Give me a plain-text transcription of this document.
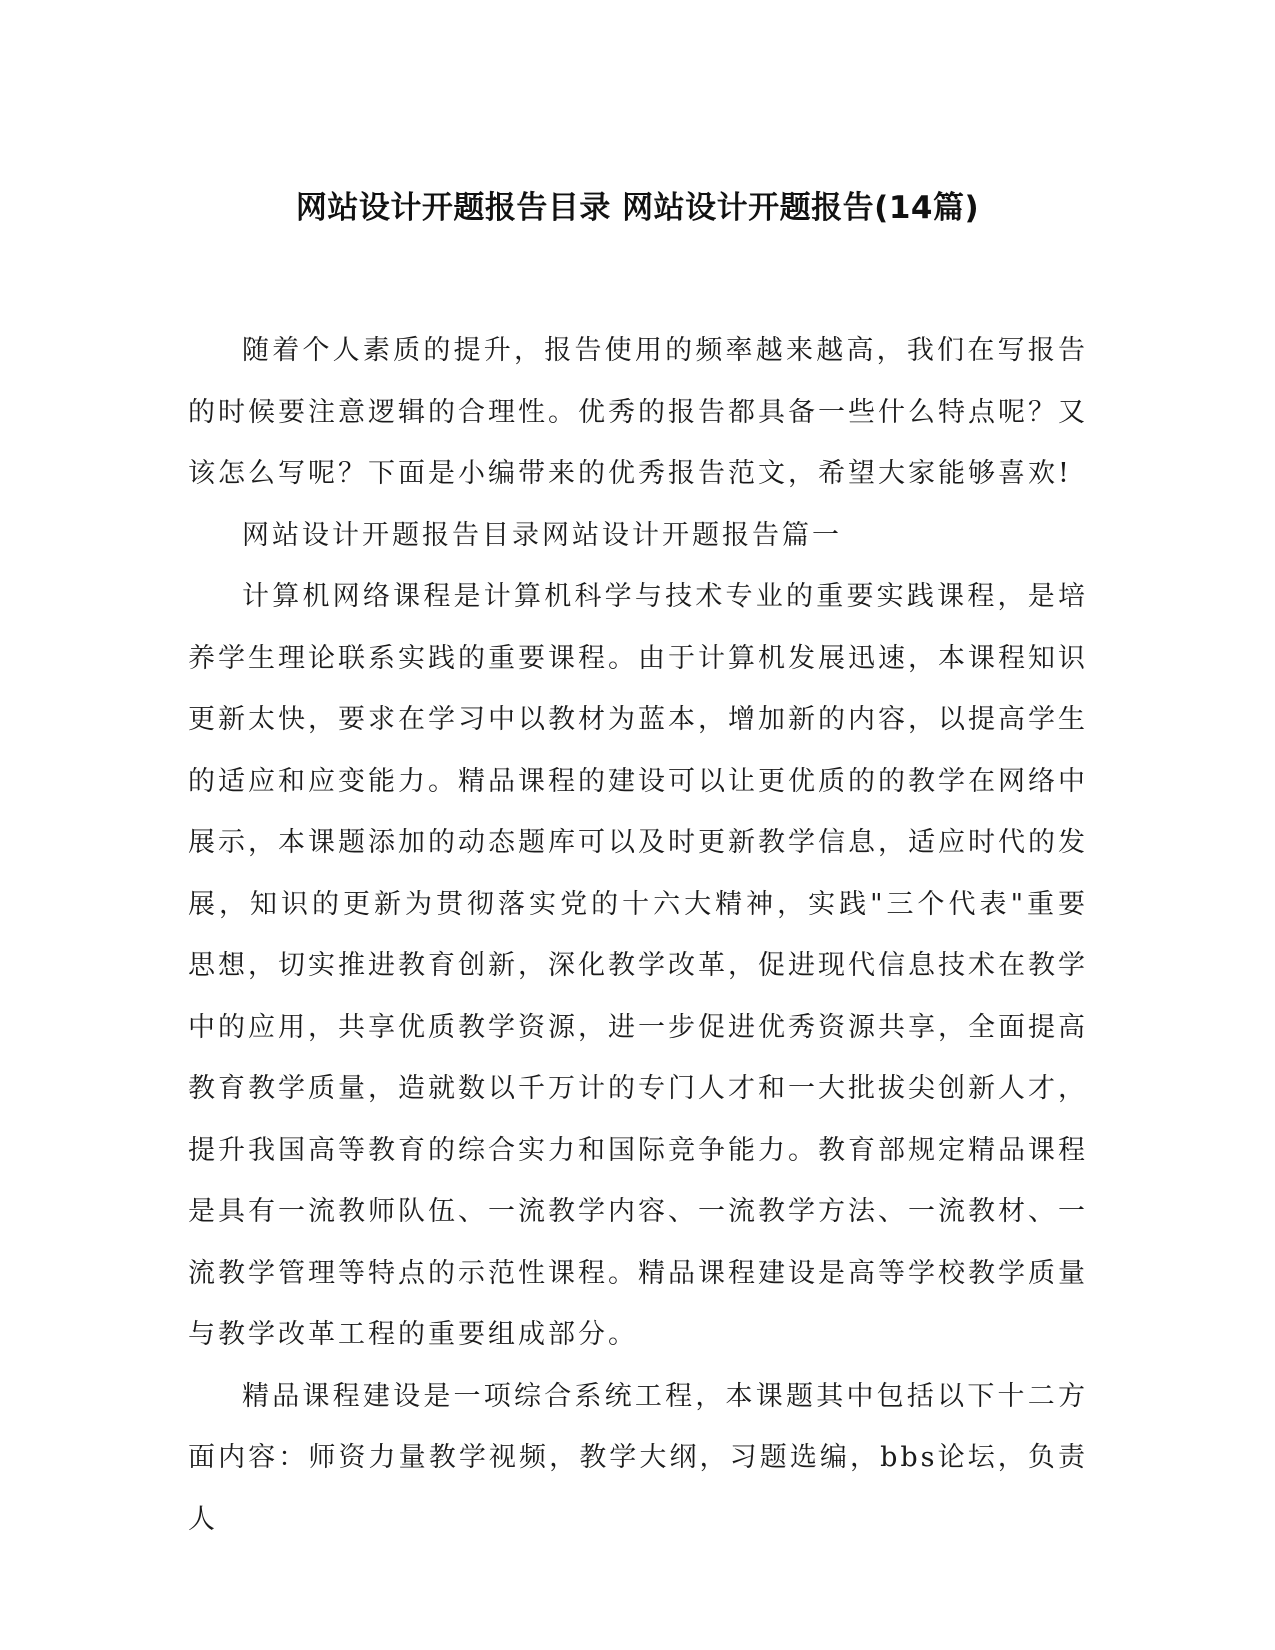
网站设计开题报告目录 网站设计开题报告(14篇)

随着个人素质的提升，报告使用的频率越来越高，我们在写报告的时候要注意逻辑的合理性。优秀的报告都具备一些什么特点呢？又该怎么写呢？下面是小编带来的优秀报告范文，希望大家能够喜欢!

网站设计开题报告目录网站设计开题报告篇一

计算机网络课程是计算机科学与技术专业的重要实践课程，是培养学生理论联系实践的重要课程。由于计算机发展迅速，本课程知识更新太快，要求在学习中以教材为蓝本，增加新的内容，以提高学生的适应和应变能力。精品课程的建设可以让更优质的的教学在网络中展示，本课题添加的动态题库可以及时更新教学信息，适应时代的发展，知识的更新为贯彻落实党的十六大精神，实践"三个代表"重要思想，切实推进教育创新，深化教学改革，促进现代信息技术在教学中的应用，共享优质教学资源，进一步促进优秀资源共享，全面提高教育教学质量，造就数以千万计的专门人才和一大批拔尖创新人才，提升我国高等教育的综合实力和国际竞争能力。教育部规定精品课程是具有一流教师队伍、一流教学内容、一流教学方法、一流教材、一流教学管理等特点的示范性课程。精品课程建设是高等学校教学质量与教学改革工程的重要组成部分。

精品课程建设是一项综合系统工程，本课题其中包括以下十二方面内容：师资力量教学视频，教学大纲，习题选编，bbs论坛，负责人
